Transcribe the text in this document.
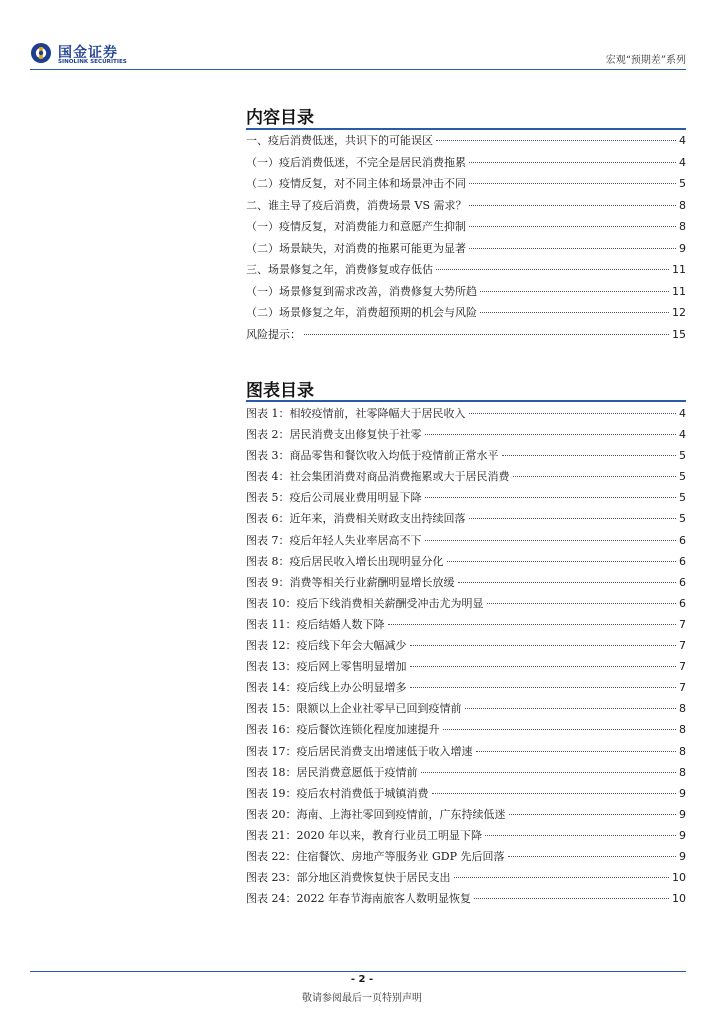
国金证券
SINOLINK SECURITIES	宏观“预期差”系列
内容目录
一、疫后消费低迷，共识下的可能误区	4
（一）疫后消费低迷，不完全是居民消费拖累	4
（二）疫情反复，对不同主体和场景冲击不同	5
二、谁主导了疫后消费，消费场景 VS 需求？	8
（一）疫情反复，对消费能力和意愿产生抑制	8
（二）场景缺失，对消费的拖累可能更为显著	9
三、场景修复之年，消费修复或存低估	11
（一）场景修复到需求改善，消费修复大势所趋	11
（二）场景修复之年，消费超预期的机会与风险	12
风险提示：	15
图表目录
图表 1：相较疫情前，社零降幅大于居民收入	4
图表 2：居民消费支出修复快于社零	4
图表 3：商品零售和餐饮收入均低于疫情前正常水平	5
图表 4：社会集团消费对商品消费拖累或大于居民消费	5
图表 5：疫后公司展业费用明显下降	5
图表 6：近年来，消费相关财政支出持续回落	5
图表 7：疫后年轻人失业率居高不下	6
图表 8：疫后居民收入增长出现明显分化	6
图表 9：消费等相关行业薪酬明显增长放缓	6
图表 10：疫后下线消费相关薪酬受冲击尤为明显	6
图表 11：疫后结婚人数下降	7
图表 12：疫后线下年会大幅减少	7
图表 13：疫后网上零售明显增加	7
图表 14：疫后线上办公明显增多	7
图表 15：限额以上企业社零早已回到疫情前	8
图表 16：疫后餐饮连锁化程度加速提升	8
图表 17：疫后居民消费支出增速低于收入增速	8
图表 18：居民消费意愿低于疫情前	8
图表 19：疫后农村消费低于城镇消费	9
图表 20：海南、上海社零回到疫情前，广东持续低迷	9
图表 21：2020 年以来，教育行业员工明显下降	9
图表 22：住宿餐饮、房地产等服务业 GDP 先后回落	9
图表 23：部分地区消费恢复快于居民支出	10
图表 24：2022 年春节海南旅客人数明显恢复	10
- 2 -
敬请参阅最后一页特别声明
